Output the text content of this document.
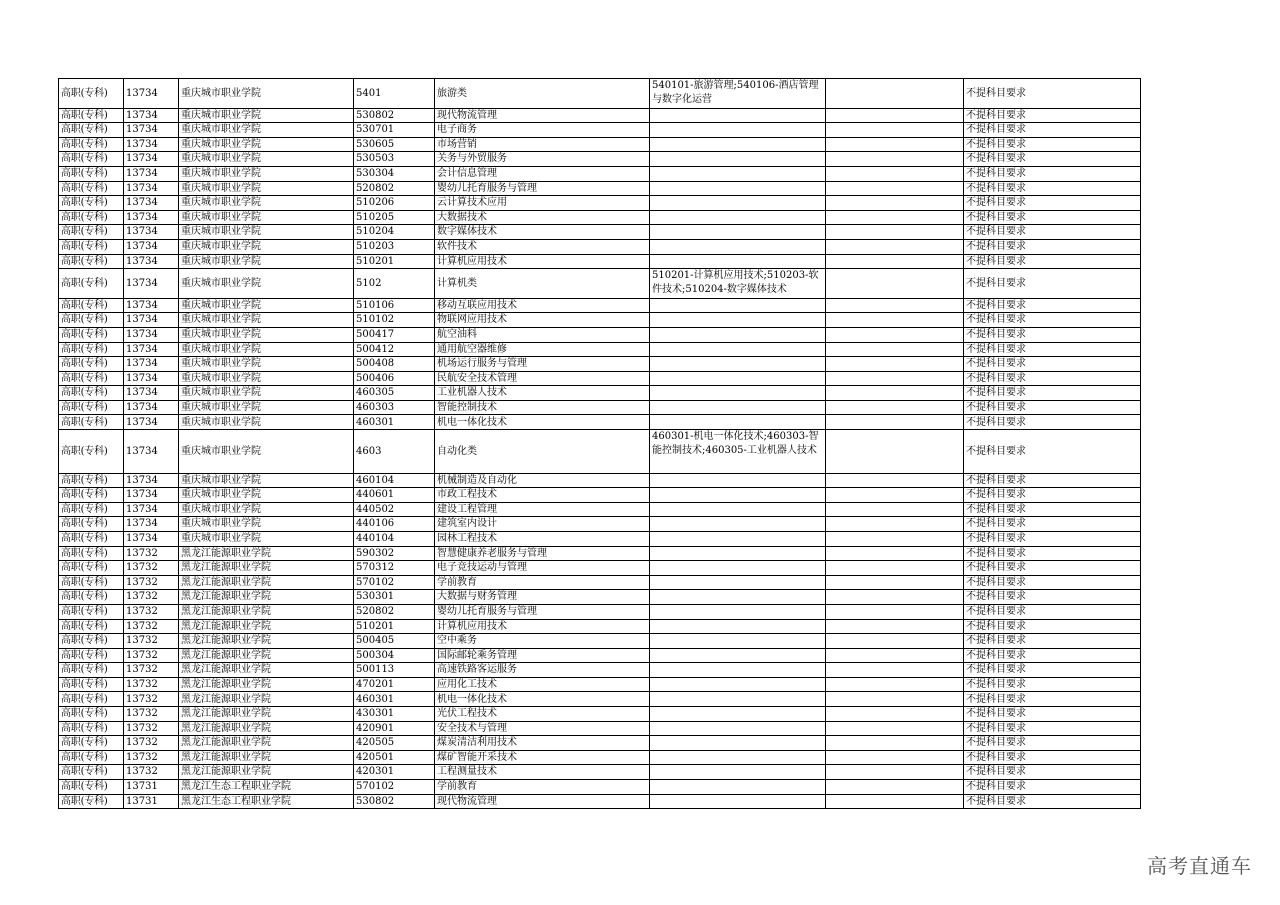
高职(专科)	13734	重庆城市职业学院	5401	旅游类	540101-旅游管理;540106-酒店管理与数字化运营		不提科目要求
高职(专科)	13734	重庆城市职业学院	530802	现代物流管理			不提科目要求
高职(专科)	13734	重庆城市职业学院	530701	电子商务			不提科目要求
高职(专科)	13734	重庆城市职业学院	530605	市场营销			不提科目要求
高职(专科)	13734	重庆城市职业学院	530503	关务与外贸服务			不提科目要求
高职(专科)	13734	重庆城市职业学院	530304	会计信息管理			不提科目要求
高职(专科)	13734	重庆城市职业学院	520802	婴幼儿托育服务与管理			不提科目要求
高职(专科)	13734	重庆城市职业学院	510206	云计算技术应用			不提科目要求
高职(专科)	13734	重庆城市职业学院	510205	大数据技术			不提科目要求
高职(专科)	13734	重庆城市职业学院	510204	数字媒体技术			不提科目要求
高职(专科)	13734	重庆城市职业学院	510203	软件技术			不提科目要求
高职(专科)	13734	重庆城市职业学院	510201	计算机应用技术			不提科目要求
高职(专科)	13734	重庆城市职业学院	5102	计算机类	510201-计算机应用技术;510203-软件技术;510204-数字媒体技术		不提科目要求
高职(专科)	13734	重庆城市职业学院	510106	移动互联应用技术			不提科目要求
高职(专科)	13734	重庆城市职业学院	510102	物联网应用技术			不提科目要求
高职(专科)	13734	重庆城市职业学院	500417	航空油料			不提科目要求
高职(专科)	13734	重庆城市职业学院	500412	通用航空器维修			不提科目要求
高职(专科)	13734	重庆城市职业学院	500408	机场运行服务与管理			不提科目要求
高职(专科)	13734	重庆城市职业学院	500406	民航安全技术管理			不提科目要求
高职(专科)	13734	重庆城市职业学院	460305	工业机器人技术			不提科目要求
高职(专科)	13734	重庆城市职业学院	460303	智能控制技术			不提科目要求
高职(专科)	13734	重庆城市职业学院	460301	机电一体化技术			不提科目要求
高职(专科)	13734	重庆城市职业学院	4603	自动化类	460301-机电一体化技术;460303-智能控制技术;460305-工业机器人技术		不提科目要求
高职(专科)	13734	重庆城市职业学院	460104	机械制造及自动化			不提科目要求
高职(专科)	13734	重庆城市职业学院	440601	市政工程技术			不提科目要求
高职(专科)	13734	重庆城市职业学院	440502	建设工程管理			不提科目要求
高职(专科)	13734	重庆城市职业学院	440106	建筑室内设计			不提科目要求
高职(专科)	13734	重庆城市职业学院	440104	园林工程技术			不提科目要求
高职(专科)	13732	黑龙江能源职业学院	590302	智慧健康养老服务与管理			不提科目要求
高职(专科)	13732	黑龙江能源职业学院	570312	电子竞技运动与管理			不提科目要求
高职(专科)	13732	黑龙江能源职业学院	570102	学前教育			不提科目要求
高职(专科)	13732	黑龙江能源职业学院	530301	大数据与财务管理			不提科目要求
高职(专科)	13732	黑龙江能源职业学院	520802	婴幼儿托育服务与管理			不提科目要求
高职(专科)	13732	黑龙江能源职业学院	510201	计算机应用技术			不提科目要求
高职(专科)	13732	黑龙江能源职业学院	500405	空中乘务			不提科目要求
高职(专科)	13732	黑龙江能源职业学院	500304	国际邮轮乘务管理			不提科目要求
高职(专科)	13732	黑龙江能源职业学院	500113	高速铁路客运服务			不提科目要求
高职(专科)	13732	黑龙江能源职业学院	470201	应用化工技术			不提科目要求
高职(专科)	13732	黑龙江能源职业学院	460301	机电一体化技术			不提科目要求
高职(专科)	13732	黑龙江能源职业学院	430301	光伏工程技术			不提科目要求
高职(专科)	13732	黑龙江能源职业学院	420901	安全技术与管理			不提科目要求
高职(专科)	13732	黑龙江能源职业学院	420505	煤炭清洁利用技术			不提科目要求
高职(专科)	13732	黑龙江能源职业学院	420501	煤矿智能开采技术			不提科目要求
高职(专科)	13732	黑龙江能源职业学院	420301	工程测量技术			不提科目要求
高职(专科)	13731	黑龙江生态工程职业学院	570102	学前教育			不提科目要求
高职(专科)	13731	黑龙江生态工程职业学院	530802	现代物流管理			不提科目要求
高考直通车
